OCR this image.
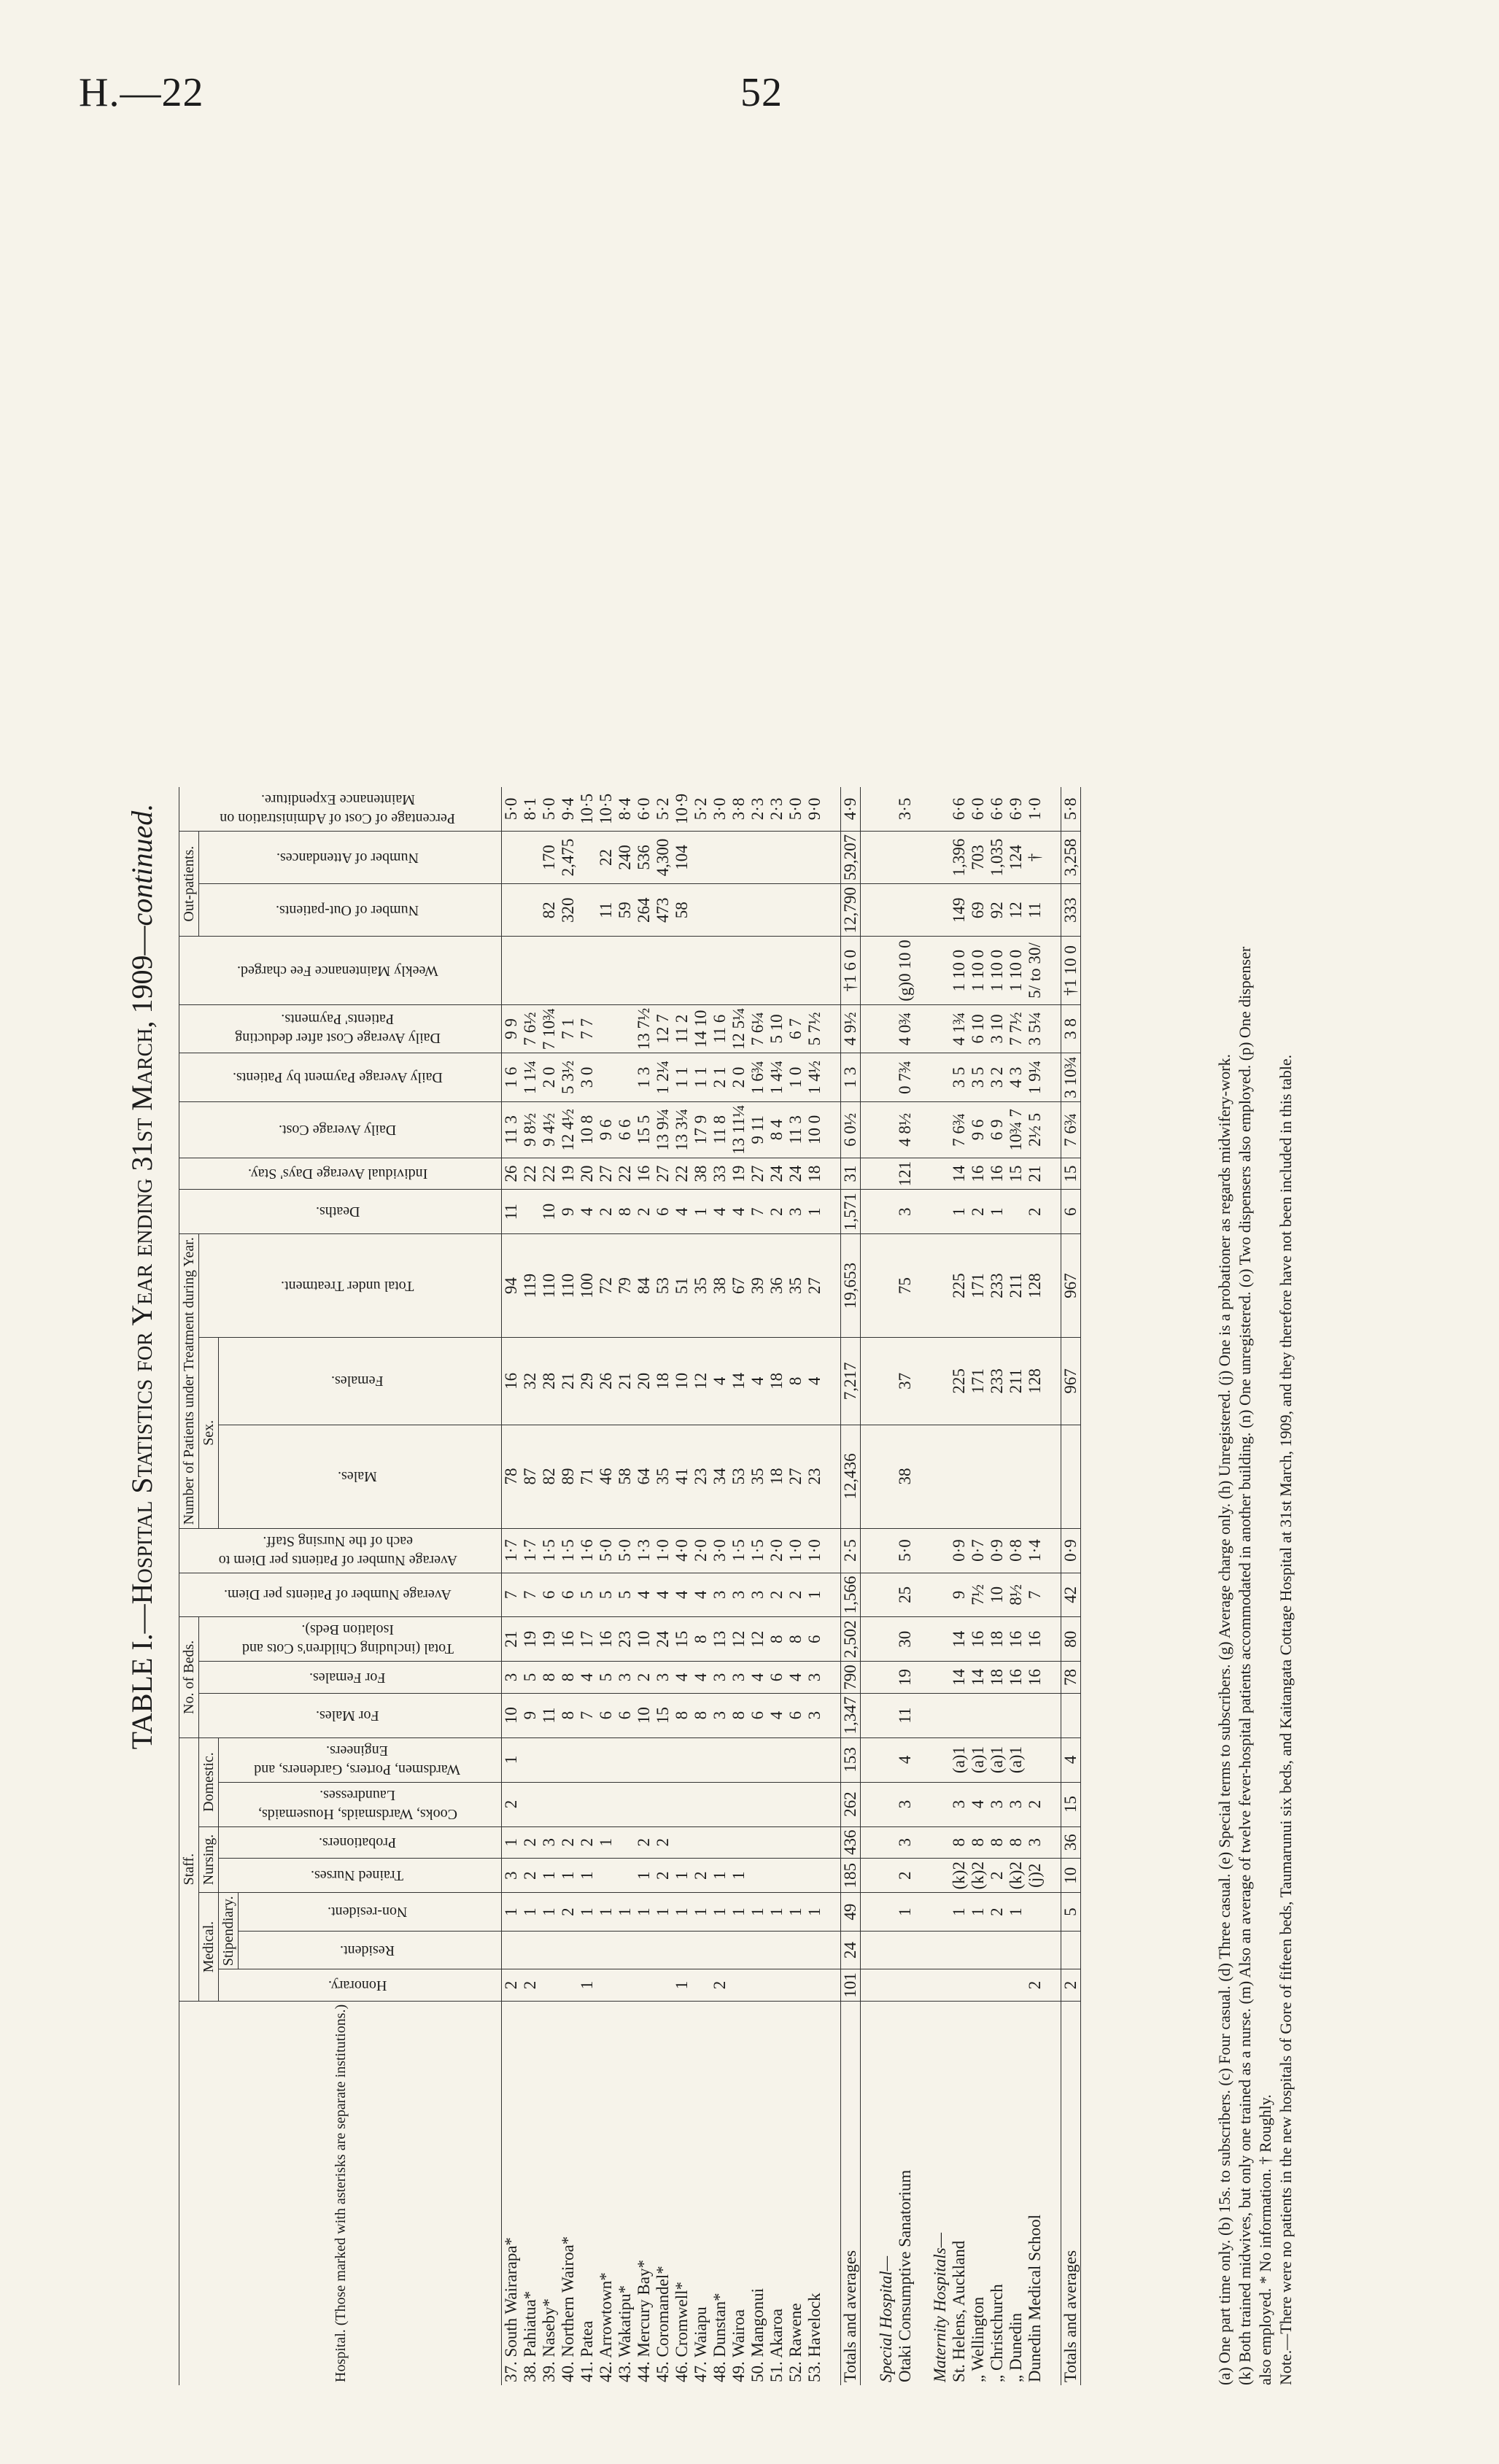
H.—22	52
TABLE I.—Hospital Statistics for Year ending 31st March, 1909—continued.
Hospital. (Those marked with asterisks are separate institutions.)	Staff.							No. of Beds.			Average Number of Patients per Diem.	Average Number of Patients per Diem to each of the Nursing Staff.	Number of Patients under Treatment during Year.			Deaths.	Individual Average Days' Stay.	Daily Average Cost.	Daily Average Payment by Patients.	Daily Average Cost after deducting Patients' Payments.	Weekly Maintenance Fee charged.	Out-patients.		Percentage of Cost of Administration on Maintenance Expenditure.
	Medical.			Nursing.		Domestic.		For Males.	For Females.	Total (including Children's Cots and Isolation Beds).			Sex.		Total under Treatment.							Number of Out-patients.	Number of Attendances.	
	Honorary.	Stipendiary.		Trained Nurses.	Probationers.	Cooks, Wardsmaids, Housemaids, Laundresses.	Wardsmen, Porters, Gardeners, and Engineers.						Males.	Females.										
		Resident.	Non-resident.																					
37. South Wairarapa*	2		1	3	1	2	1	10	3	21	7	1·7	78	16	94	11	26	11 3	1 6	9 9				5·0
38. Pahiatua*	2		1	2	2			9	5	19	7	1·7	87	32	119		22	9 8½	1 1¼	7 6½				8·1
39. Naseby*			1	1	3			11	8	19	6	1·5	82	28	110	10	22	9 4½	2 0	7 10¾		82	170	5·0
40. Northern Wairoa*			2	1	2			8	8	16	6	1·5	89	21	110	9	19	12 4½	5 3½	7 1		320	2,475	9·4
41. Patea	1		1	1	2			7	4	17	5	1·6	71	29	100	4	20	10 8	3 0	7 7				10·5
42. Arrowtown*			1		1			6	5	16	5	5·0	46	26	72	2	27	9 6				11	22	10·5
43. Wakatipu*			1					6	3	23	5	5·0	58	21	79	8	22	6 6				59	240	8·4
44. Mercury Bay*			1	1	2			10	2	10	4	1·3	64	20	84	2	16	15 5	1 3	13 7½		264	536	6·0
45. Coromandel*			1	2	2			15	3	24	4	1·0	35	18	53	6	27	13 9¼	1 2¼	12 7		473	4,300	5·2
46. Cromwell*	1		1	1				8	4	15	4	4·0	41	10	51	4	22	13 3¼	1 1	11 2		58	104	10·9
47. Waiapu			1	2				8	4	8	4	2·0	23	12	35	1	38	17 9	1 1	14 10				5·2
48. Dunstan*	2		1	1				3	3	13	3	3·0	34	4	38	4	33	11 8	2 1	11 6				3·0
49. Wairoa			1	1				8	3	12	3	1·5	53	14	67	4	19	13 11¼	2 0	12 5¼				3·8
50. Mangonui			1					6	4	12	3	1·5	35	4	39	7	27	9 11	1 6¾	7 6¼				2·3
51. Akaroa			1					4	6	8	2	2·0	18	18	36	2	24	8 4	1 4¼	5 10				2·3
52. Rawene			1					6	4	8	2	1·0	27	8	35	3	24	11 3	1 0	6 7				5·0
53. Havelock			1					3	3	6	1	1·0	23	4	27	1	18	10 0	1 4½	5 7½				9·0

Totals and averages	101	24	49	185	436	262	153	1,347	790	2,502	1,566	2·5	12,436	7,217	19,653	1,571	31	6 0½	1 3	4 9½	†1 6 0	12,790	59,207	4·9

Special Hospital—																								
Otaki Consumptive Sanatorium			1	2	3	3	4	11	19	30	25	5·0	38	37	75	3	121	4 8½	0 7¾	4 0¾	(g)0 10 0			3·5

Maternity Hospitals—																								
St. Helens, Auckland			1	(k)2	8	3	(a)1		14	14	9	0·9		225	225	1	14	7 6¾	3 5	4 1¾	1 10 0	149	1,396	6·6
„ Wellington			1	(k)2	8	4	(a)1		14	16	7½	0·7		171	171	2	16	9 6	3 5	6 10	1 10 0	69	703	6·0
„ Christchurch			2	2	8	3	(a)1		18	18	10	0·9		233	233	1	16	6 9	3 2	3 10	1 10 0	92	1,035	6·6
„ Dunedin			1	(k)2	8	3	(a)1		16	16	8½	0·8		211	211		15	10¾ 7	4 3	7 7½	1 10 0	12	124	6·9
Dunedin Medical School	2			(j)2	3	2			16	16	7	1·4		128	128	2	21	2½ 5	1 9¼	3 5¼	5/ to 30/	11	†	1·0

Totals and averages	2		5	10	36	15	4		78	80	42	0·9		967	967	6	15	7 6¾	3 10¾	3 8	†1 10 0	333	3,258	5·8
(a) One part time only. (b) 15s. to subscribers. (c) Four casual. (d) Three casual. (e) Special terms to subscribers. (g) Average charge only. (h) Unregistered. (j) One is a probationer as regards midwifery-work. (k) Both trained midwives, but only one trained as a nurse. (m) Also an average of twelve fever-hospital patients accommodated in another building. (n) One unregistered. (o) Two dispensers also employed. (p) One dispenser also employed. * No information. † Roughly. Note.—There were no patients in the new hospitals of Gore of fifteen beds, Taumarunui six beds, and Kaitangata Cottage Hospital at 31st March, 1909, and they therefore have not been included in this table.
